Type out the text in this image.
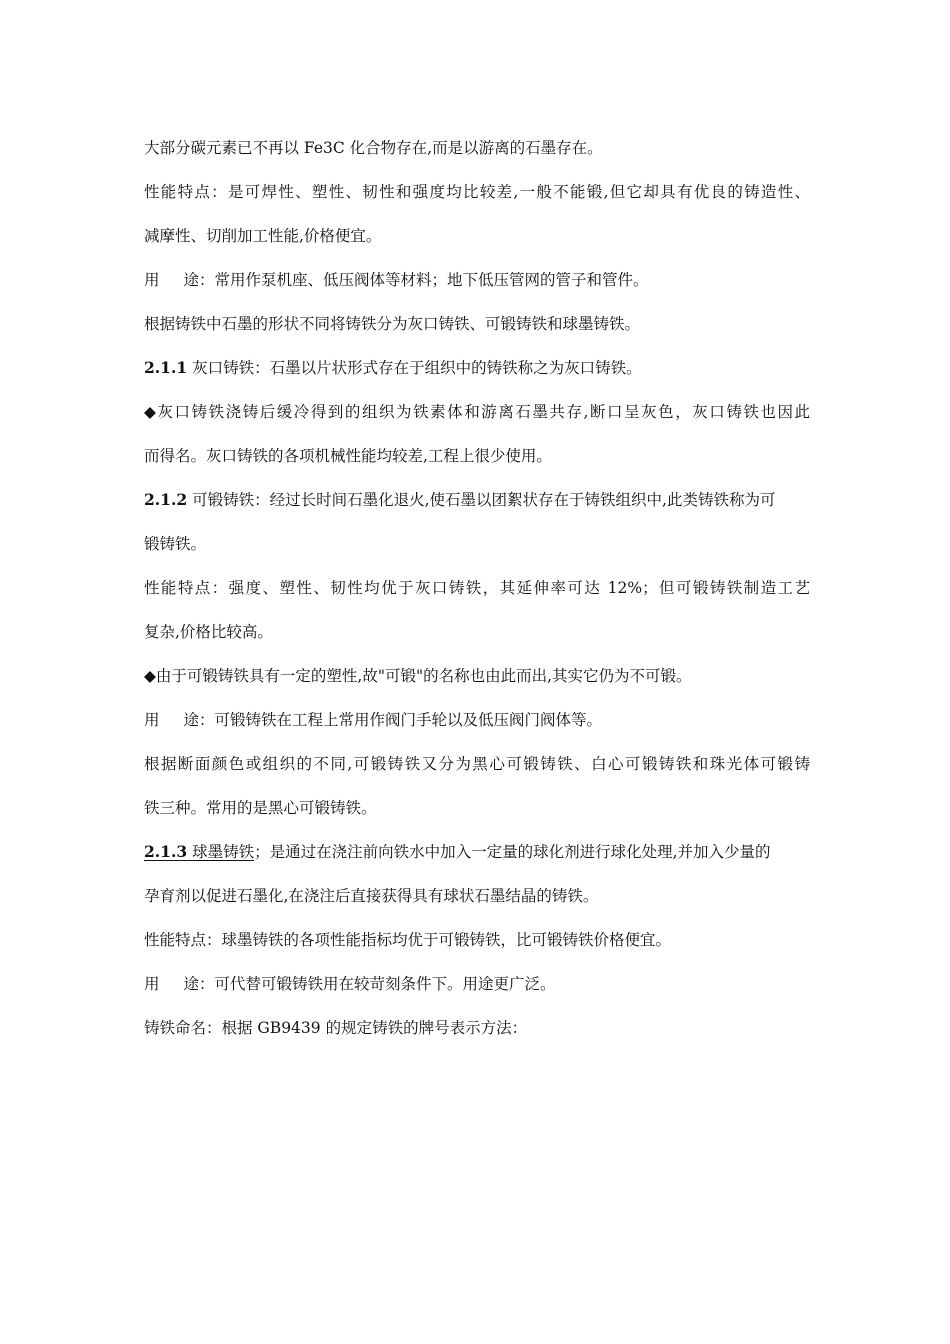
大部分碳元素已不再以 Fe3C 化合物存在,而是以游离的石墨存在。
性能特点：是可焊性、塑性、韧性和强度均比较差,一般不能锻,但它却具有优良的铸造性、
减摩性、切削加工性能,价格便宜。
用 途：常用作泵机座、低压阀体等材料；地下低压管网的管子和管件。
根据铸铁中石墨的形状不同将铸铁分为灰口铸铁、可锻铸铁和球墨铸铁。
2.1.1 灰口铸铁：石墨以片状形式存在于组织中的铸铁称之为灰口铸铁。
◆灰口铸铁浇铸后缓冷得到的组织为铁素体和游离石墨共存,断口呈灰色，灰口铸铁也因此
而得名。灰口铸铁的各项机械性能均较差,工程上很少使用。
2.1.2 可锻铸铁：经过长时间石墨化退火,使石墨以团絮状存在于铸铁组织中,此类铸铁称为可
锻铸铁。
性能特点：强度、塑性、韧性均优于灰口铸铁，其延伸率可达 12%；但可锻铸铁制造工艺
复杂,价格比较高。
◆由于可锻铸铁具有一定的塑性,故"可锻"的名称也由此而出,其实它仍为不可锻。
用 途：可锻铸铁在工程上常用作阀门手轮以及低压阀门阀体等。
根据断面颜色或组织的不同,可锻铸铁又分为黑心可锻铸铁、白心可锻铸铁和珠光体可锻铸
铁三种。常用的是黑心可锻铸铁。
2.1.3 球墨铸铁；是通过在浇注前向铁水中加入一定量的球化剂进行球化处理,并加入少量的
孕育剂以促进石墨化,在浇注后直接获得具有球状石墨结晶的铸铁。
性能特点：球墨铸铁的各项性能指标均优于可锻铸铁，比可锻铸铁价格便宜。
用 途：可代替可锻铸铁用在较苛刻条件下。用途更广泛。
铸铁命名：根据 GB9439 的规定铸铁的牌号表示方法：
